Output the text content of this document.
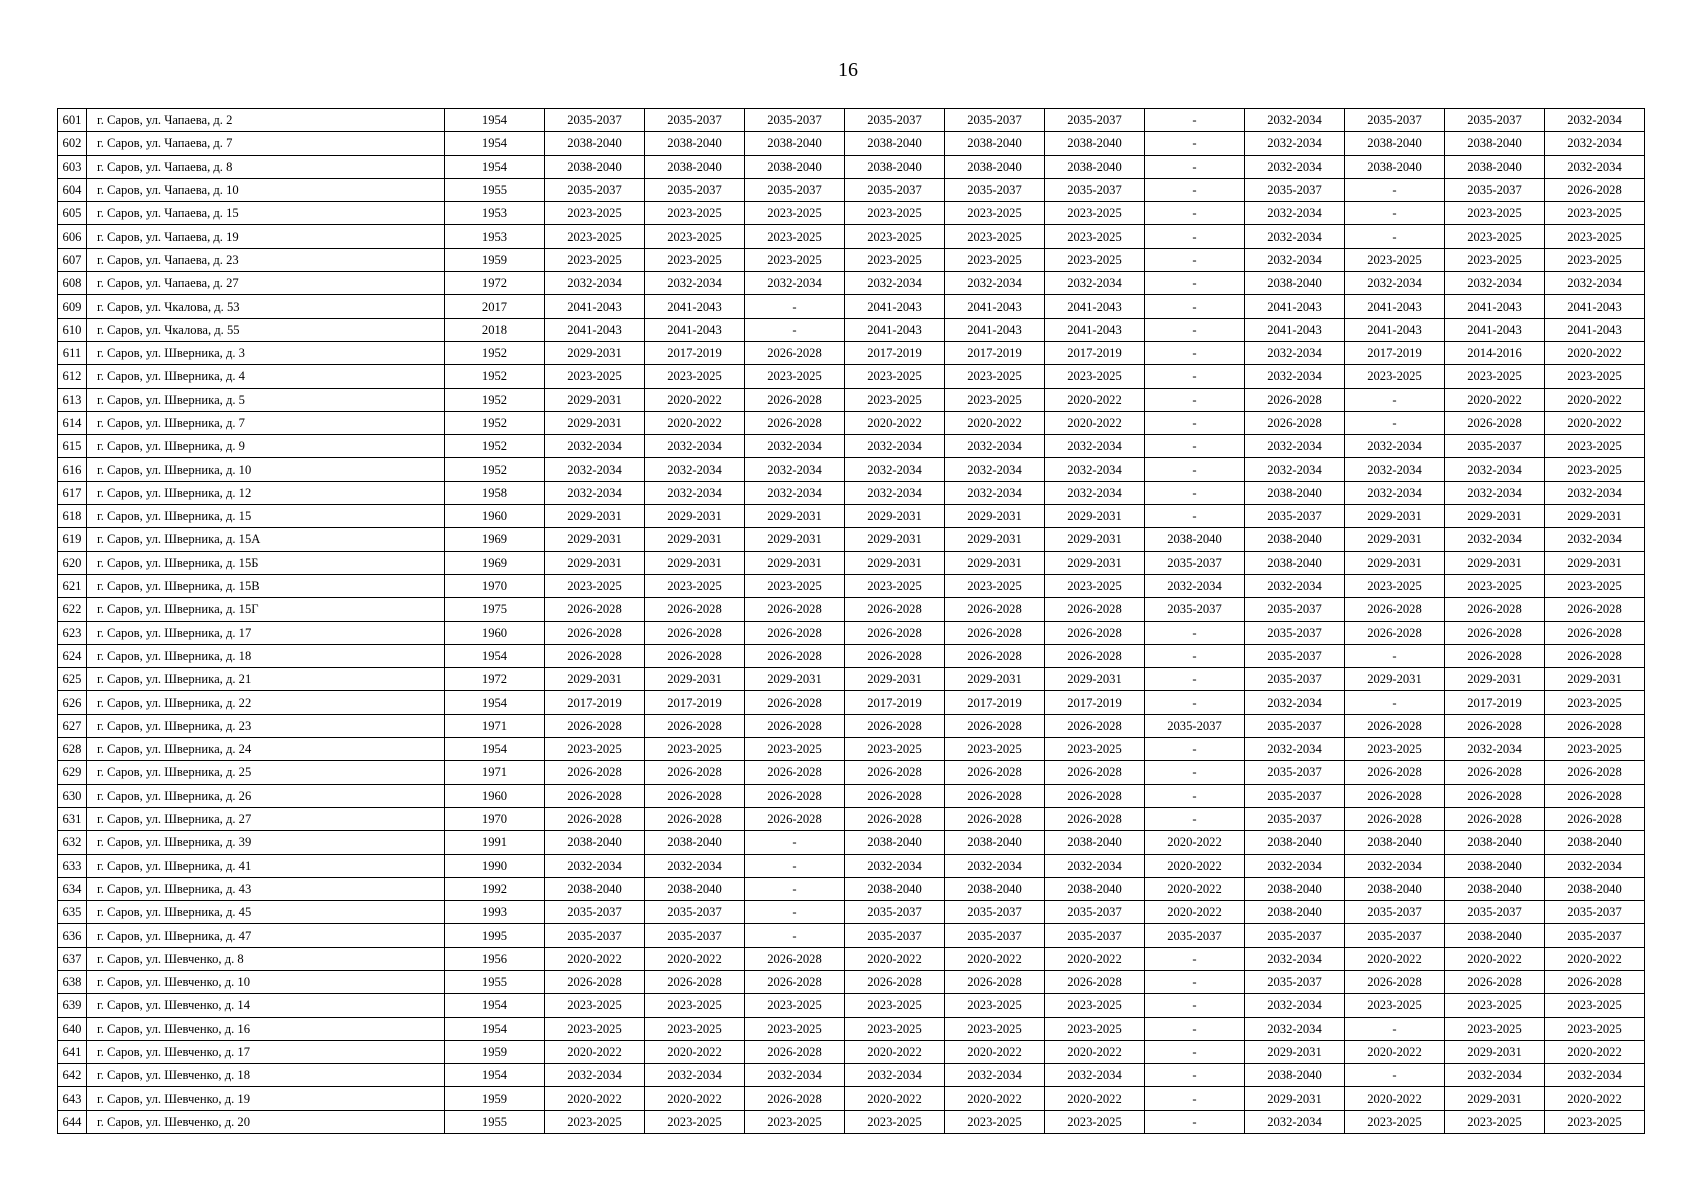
16
601	г. Саров, ул. Чапаева, д. 2	1954	2035-2037	2035-2037	2035-2037	2035-2037	2035-2037	2035-2037	-	2032-2034	2035-2037	2035-2037	2032-2034
602	г. Саров, ул. Чапаева, д. 7	1954	2038-2040	2038-2040	2038-2040	2038-2040	2038-2040	2038-2040	-	2032-2034	2038-2040	2038-2040	2032-2034
603	г. Саров, ул. Чапаева, д. 8	1954	2038-2040	2038-2040	2038-2040	2038-2040	2038-2040	2038-2040	-	2032-2034	2038-2040	2038-2040	2032-2034
604	г. Саров, ул. Чапаева, д. 10	1955	2035-2037	2035-2037	2035-2037	2035-2037	2035-2037	2035-2037	-	2035-2037	-	2035-2037	2026-2028
605	г. Саров, ул. Чапаева, д. 15	1953	2023-2025	2023-2025	2023-2025	2023-2025	2023-2025	2023-2025	-	2032-2034	-	2023-2025	2023-2025
606	г. Саров, ул. Чапаева, д. 19	1953	2023-2025	2023-2025	2023-2025	2023-2025	2023-2025	2023-2025	-	2032-2034	-	2023-2025	2023-2025
607	г. Саров, ул. Чапаева, д. 23	1959	2023-2025	2023-2025	2023-2025	2023-2025	2023-2025	2023-2025	-	2032-2034	2023-2025	2023-2025	2023-2025
608	г. Саров, ул. Чапаева, д. 27	1972	2032-2034	2032-2034	2032-2034	2032-2034	2032-2034	2032-2034	-	2038-2040	2032-2034	2032-2034	2032-2034
609	г. Саров, ул. Чкалова, д. 53	2017	2041-2043	2041-2043	-	2041-2043	2041-2043	2041-2043	-	2041-2043	2041-2043	2041-2043	2041-2043
610	г. Саров, ул. Чкалова, д. 55	2018	2041-2043	2041-2043	-	2041-2043	2041-2043	2041-2043	-	2041-2043	2041-2043	2041-2043	2041-2043
611	г. Саров, ул. Шверника, д. 3	1952	2029-2031	2017-2019	2026-2028	2017-2019	2017-2019	2017-2019	-	2032-2034	2017-2019	2014-2016	2020-2022
612	г. Саров, ул. Шверника, д. 4	1952	2023-2025	2023-2025	2023-2025	2023-2025	2023-2025	2023-2025	-	2032-2034	2023-2025	2023-2025	2023-2025
613	г. Саров, ул. Шверника, д. 5	1952	2029-2031	2020-2022	2026-2028	2023-2025	2023-2025	2020-2022	-	2026-2028	-	2020-2022	2020-2022
614	г. Саров, ул. Шверника, д. 7	1952	2029-2031	2020-2022	2026-2028	2020-2022	2020-2022	2020-2022	-	2026-2028	-	2026-2028	2020-2022
615	г. Саров, ул. Шверника, д. 9	1952	2032-2034	2032-2034	2032-2034	2032-2034	2032-2034	2032-2034	-	2032-2034	2032-2034	2035-2037	2023-2025
616	г. Саров, ул. Шверника, д. 10	1952	2032-2034	2032-2034	2032-2034	2032-2034	2032-2034	2032-2034	-	2032-2034	2032-2034	2032-2034	2023-2025
617	г. Саров, ул. Шверника, д. 12	1958	2032-2034	2032-2034	2032-2034	2032-2034	2032-2034	2032-2034	-	2038-2040	2032-2034	2032-2034	2032-2034
618	г. Саров, ул. Шверника, д. 15	1960	2029-2031	2029-2031	2029-2031	2029-2031	2029-2031	2029-2031	-	2035-2037	2029-2031	2029-2031	2029-2031
619	г. Саров, ул. Шверника, д. 15А	1969	2029-2031	2029-2031	2029-2031	2029-2031	2029-2031	2029-2031	2038-2040	2038-2040	2029-2031	2032-2034	2032-2034
620	г. Саров, ул. Шверника, д. 15Б	1969	2029-2031	2029-2031	2029-2031	2029-2031	2029-2031	2029-2031	2035-2037	2038-2040	2029-2031	2029-2031	2029-2031
621	г. Саров, ул. Шверника, д. 15В	1970	2023-2025	2023-2025	2023-2025	2023-2025	2023-2025	2023-2025	2032-2034	2032-2034	2023-2025	2023-2025	2023-2025
622	г. Саров, ул. Шверника, д. 15Г	1975	2026-2028	2026-2028	2026-2028	2026-2028	2026-2028	2026-2028	2035-2037	2035-2037	2026-2028	2026-2028	2026-2028
623	г. Саров, ул. Шверника, д. 17	1960	2026-2028	2026-2028	2026-2028	2026-2028	2026-2028	2026-2028	-	2035-2037	2026-2028	2026-2028	2026-2028
624	г. Саров, ул. Шверника, д. 18	1954	2026-2028	2026-2028	2026-2028	2026-2028	2026-2028	2026-2028	-	2035-2037	-	2026-2028	2026-2028
625	г. Саров, ул. Шверника, д. 21	1972	2029-2031	2029-2031	2029-2031	2029-2031	2029-2031	2029-2031	-	2035-2037	2029-2031	2029-2031	2029-2031
626	г. Саров, ул. Шверника, д. 22	1954	2017-2019	2017-2019	2026-2028	2017-2019	2017-2019	2017-2019	-	2032-2034	-	2017-2019	2023-2025
627	г. Саров, ул. Шверника, д. 23	1971	2026-2028	2026-2028	2026-2028	2026-2028	2026-2028	2026-2028	2035-2037	2035-2037	2026-2028	2026-2028	2026-2028
628	г. Саров, ул. Шверника, д. 24	1954	2023-2025	2023-2025	2023-2025	2023-2025	2023-2025	2023-2025	-	2032-2034	2023-2025	2032-2034	2023-2025
629	г. Саров, ул. Шверника, д. 25	1971	2026-2028	2026-2028	2026-2028	2026-2028	2026-2028	2026-2028	-	2035-2037	2026-2028	2026-2028	2026-2028
630	г. Саров, ул. Шверника, д. 26	1960	2026-2028	2026-2028	2026-2028	2026-2028	2026-2028	2026-2028	-	2035-2037	2026-2028	2026-2028	2026-2028
631	г. Саров, ул. Шверника, д. 27	1970	2026-2028	2026-2028	2026-2028	2026-2028	2026-2028	2026-2028	-	2035-2037	2026-2028	2026-2028	2026-2028
632	г. Саров, ул. Шверника, д. 39	1991	2038-2040	2038-2040	-	2038-2040	2038-2040	2038-2040	2020-2022	2038-2040	2038-2040	2038-2040	2038-2040
633	г. Саров, ул. Шверника, д. 41	1990	2032-2034	2032-2034	-	2032-2034	2032-2034	2032-2034	2020-2022	2032-2034	2032-2034	2038-2040	2032-2034
634	г. Саров, ул. Шверника, д. 43	1992	2038-2040	2038-2040	-	2038-2040	2038-2040	2038-2040	2020-2022	2038-2040	2038-2040	2038-2040	2038-2040
635	г. Саров, ул. Шверника, д. 45	1993	2035-2037	2035-2037	-	2035-2037	2035-2037	2035-2037	2020-2022	2038-2040	2035-2037	2035-2037	2035-2037
636	г. Саров, ул. Шверника, д. 47	1995	2035-2037	2035-2037	-	2035-2037	2035-2037	2035-2037	2035-2037	2035-2037	2035-2037	2038-2040	2035-2037
637	г. Саров, ул. Шевченко, д. 8	1956	2020-2022	2020-2022	2026-2028	2020-2022	2020-2022	2020-2022	-	2032-2034	2020-2022	2020-2022	2020-2022
638	г. Саров, ул. Шевченко, д. 10	1955	2026-2028	2026-2028	2026-2028	2026-2028	2026-2028	2026-2028	-	2035-2037	2026-2028	2026-2028	2026-2028
639	г. Саров, ул. Шевченко, д. 14	1954	2023-2025	2023-2025	2023-2025	2023-2025	2023-2025	2023-2025	-	2032-2034	2023-2025	2023-2025	2023-2025
640	г. Саров, ул. Шевченко, д. 16	1954	2023-2025	2023-2025	2023-2025	2023-2025	2023-2025	2023-2025	-	2032-2034	-	2023-2025	2023-2025
641	г. Саров, ул. Шевченко, д. 17	1959	2020-2022	2020-2022	2026-2028	2020-2022	2020-2022	2020-2022	-	2029-2031	2020-2022	2029-2031	2020-2022
642	г. Саров, ул. Шевченко, д. 18	1954	2032-2034	2032-2034	2032-2034	2032-2034	2032-2034	2032-2034	-	2038-2040	-	2032-2034	2032-2034
643	г. Саров, ул. Шевченко, д. 19	1959	2020-2022	2020-2022	2026-2028	2020-2022	2020-2022	2020-2022	-	2029-2031	2020-2022	2029-2031	2020-2022
644	г. Саров, ул. Шевченко, д. 20	1955	2023-2025	2023-2025	2023-2025	2023-2025	2023-2025	2023-2025	-	2032-2034	2023-2025	2023-2025	2023-2025
